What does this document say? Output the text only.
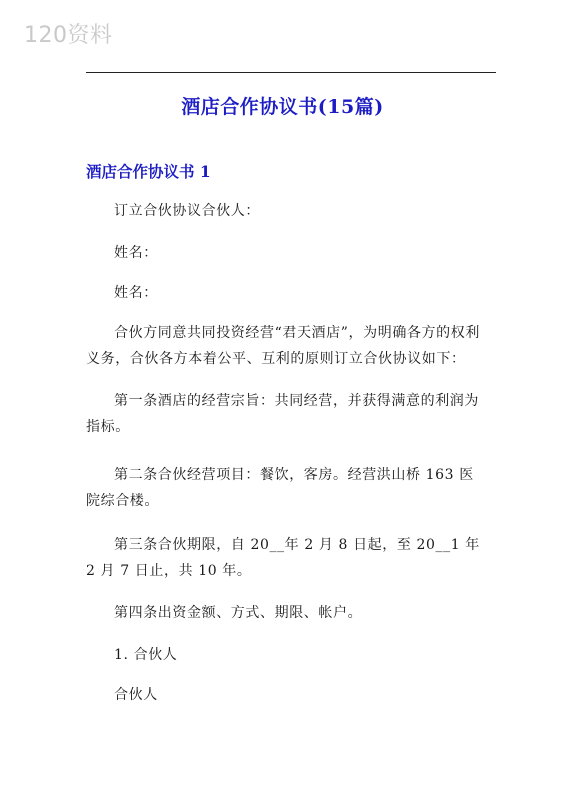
120资料
酒店合作协议书(15篇)
酒店合作协议书 1

订立合伙协议合伙人：

姓名：

姓名：

合伙方同意共同投资经营“君天酒店”，为明确各方的权利义务，合伙各方本着公平、互利的原则订立合伙协议如下：

第一条酒店的经营宗旨：共同经营，并获得满意的利润为指标。

第二条合伙经营项目：餐饮，客房。经营洪山桥 163 医院综合楼。

第三条合伙期限，自 20__年 2 月 8 日起，至 20__1 年 2 月 7 日止，共 10 年。

第四条出资金额、方式、期限、帐户。

1. 合伙人

合伙人
